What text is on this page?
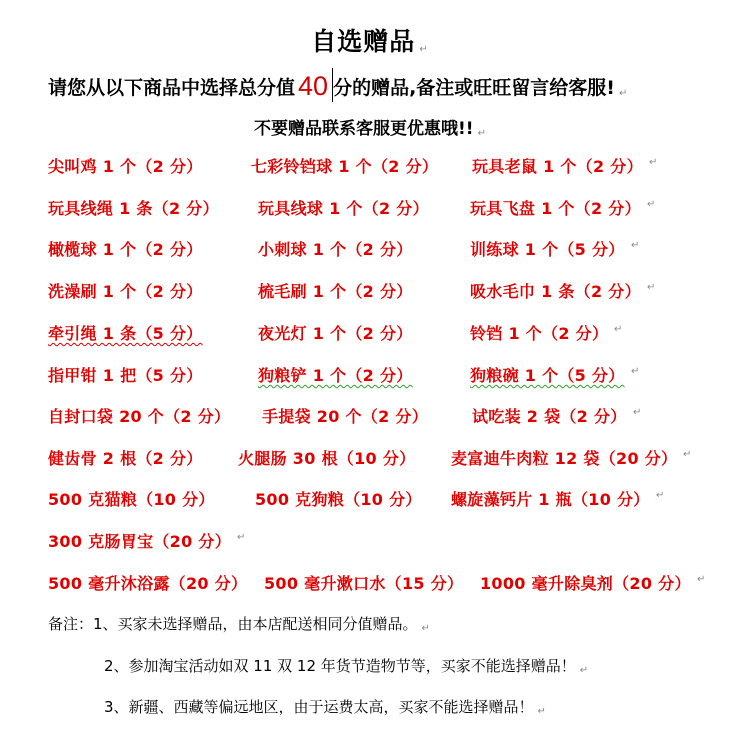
自选赠品 ↵
请您从以下商品中选择总分值 40 分的赠品,备注或旺旺留言给客服! ↵
不要赠品联系客服更优惠哦!! ↵
尖叫鸡 1 个（2 分）	七彩铃铛球 1 个（2 分） 玩具老鼠 1 个（2 分） ↵
玩具线绳 1 条（2 分） 玩具线球 1 个（2 分）	玩具飞盘 1 个（2 分） ↵
橄榄球 1 个（2 分）	小刺球 1 个（2 分）	训练球 1 个（5 分） ↵
洗澡刷 1 个（2 分）	梳毛刷 1 个（2 分）	吸水毛巾 1 条（2 分） ↵
牵引绳 1 条（5 分）	夜光灯 1 个（2 分）	铃铛 1 个（2 分） ↵
指甲钳 1 把（5 分）	狗粮铲 1 个（2 分）	狗粮碗 1 个（5 分） ↵
自封口袋 20 个（2 分） 手提袋 20 个（2 分）	试吃装 2 袋（2 分） ↵
健齿骨 2 根（2 分） 火腿肠 30 根（10 分） 麦富迪牛肉粒 12 袋（20 分） ↵
500 克猫粮（10 分）	500 克狗粮（10 分） 螺旋藻钙片 1 瓶（10 分） ↵
300 克肠胃宝（20 分） ↵
500 毫升沐浴露（20 分） 500 毫升漱口水（15 分） 1000 毫升除臭剂（20 分） ↵
备注：1、买家未选择赠品，由本店配送相同分值赠品。 ↵
2、参加淘宝活动如双 11 双 12 年货节造物节等，买家不能选择赠品！ ↵
3、新疆、西藏等偏远地区，由于运费太高，买家不能选择赠品！ ↵
